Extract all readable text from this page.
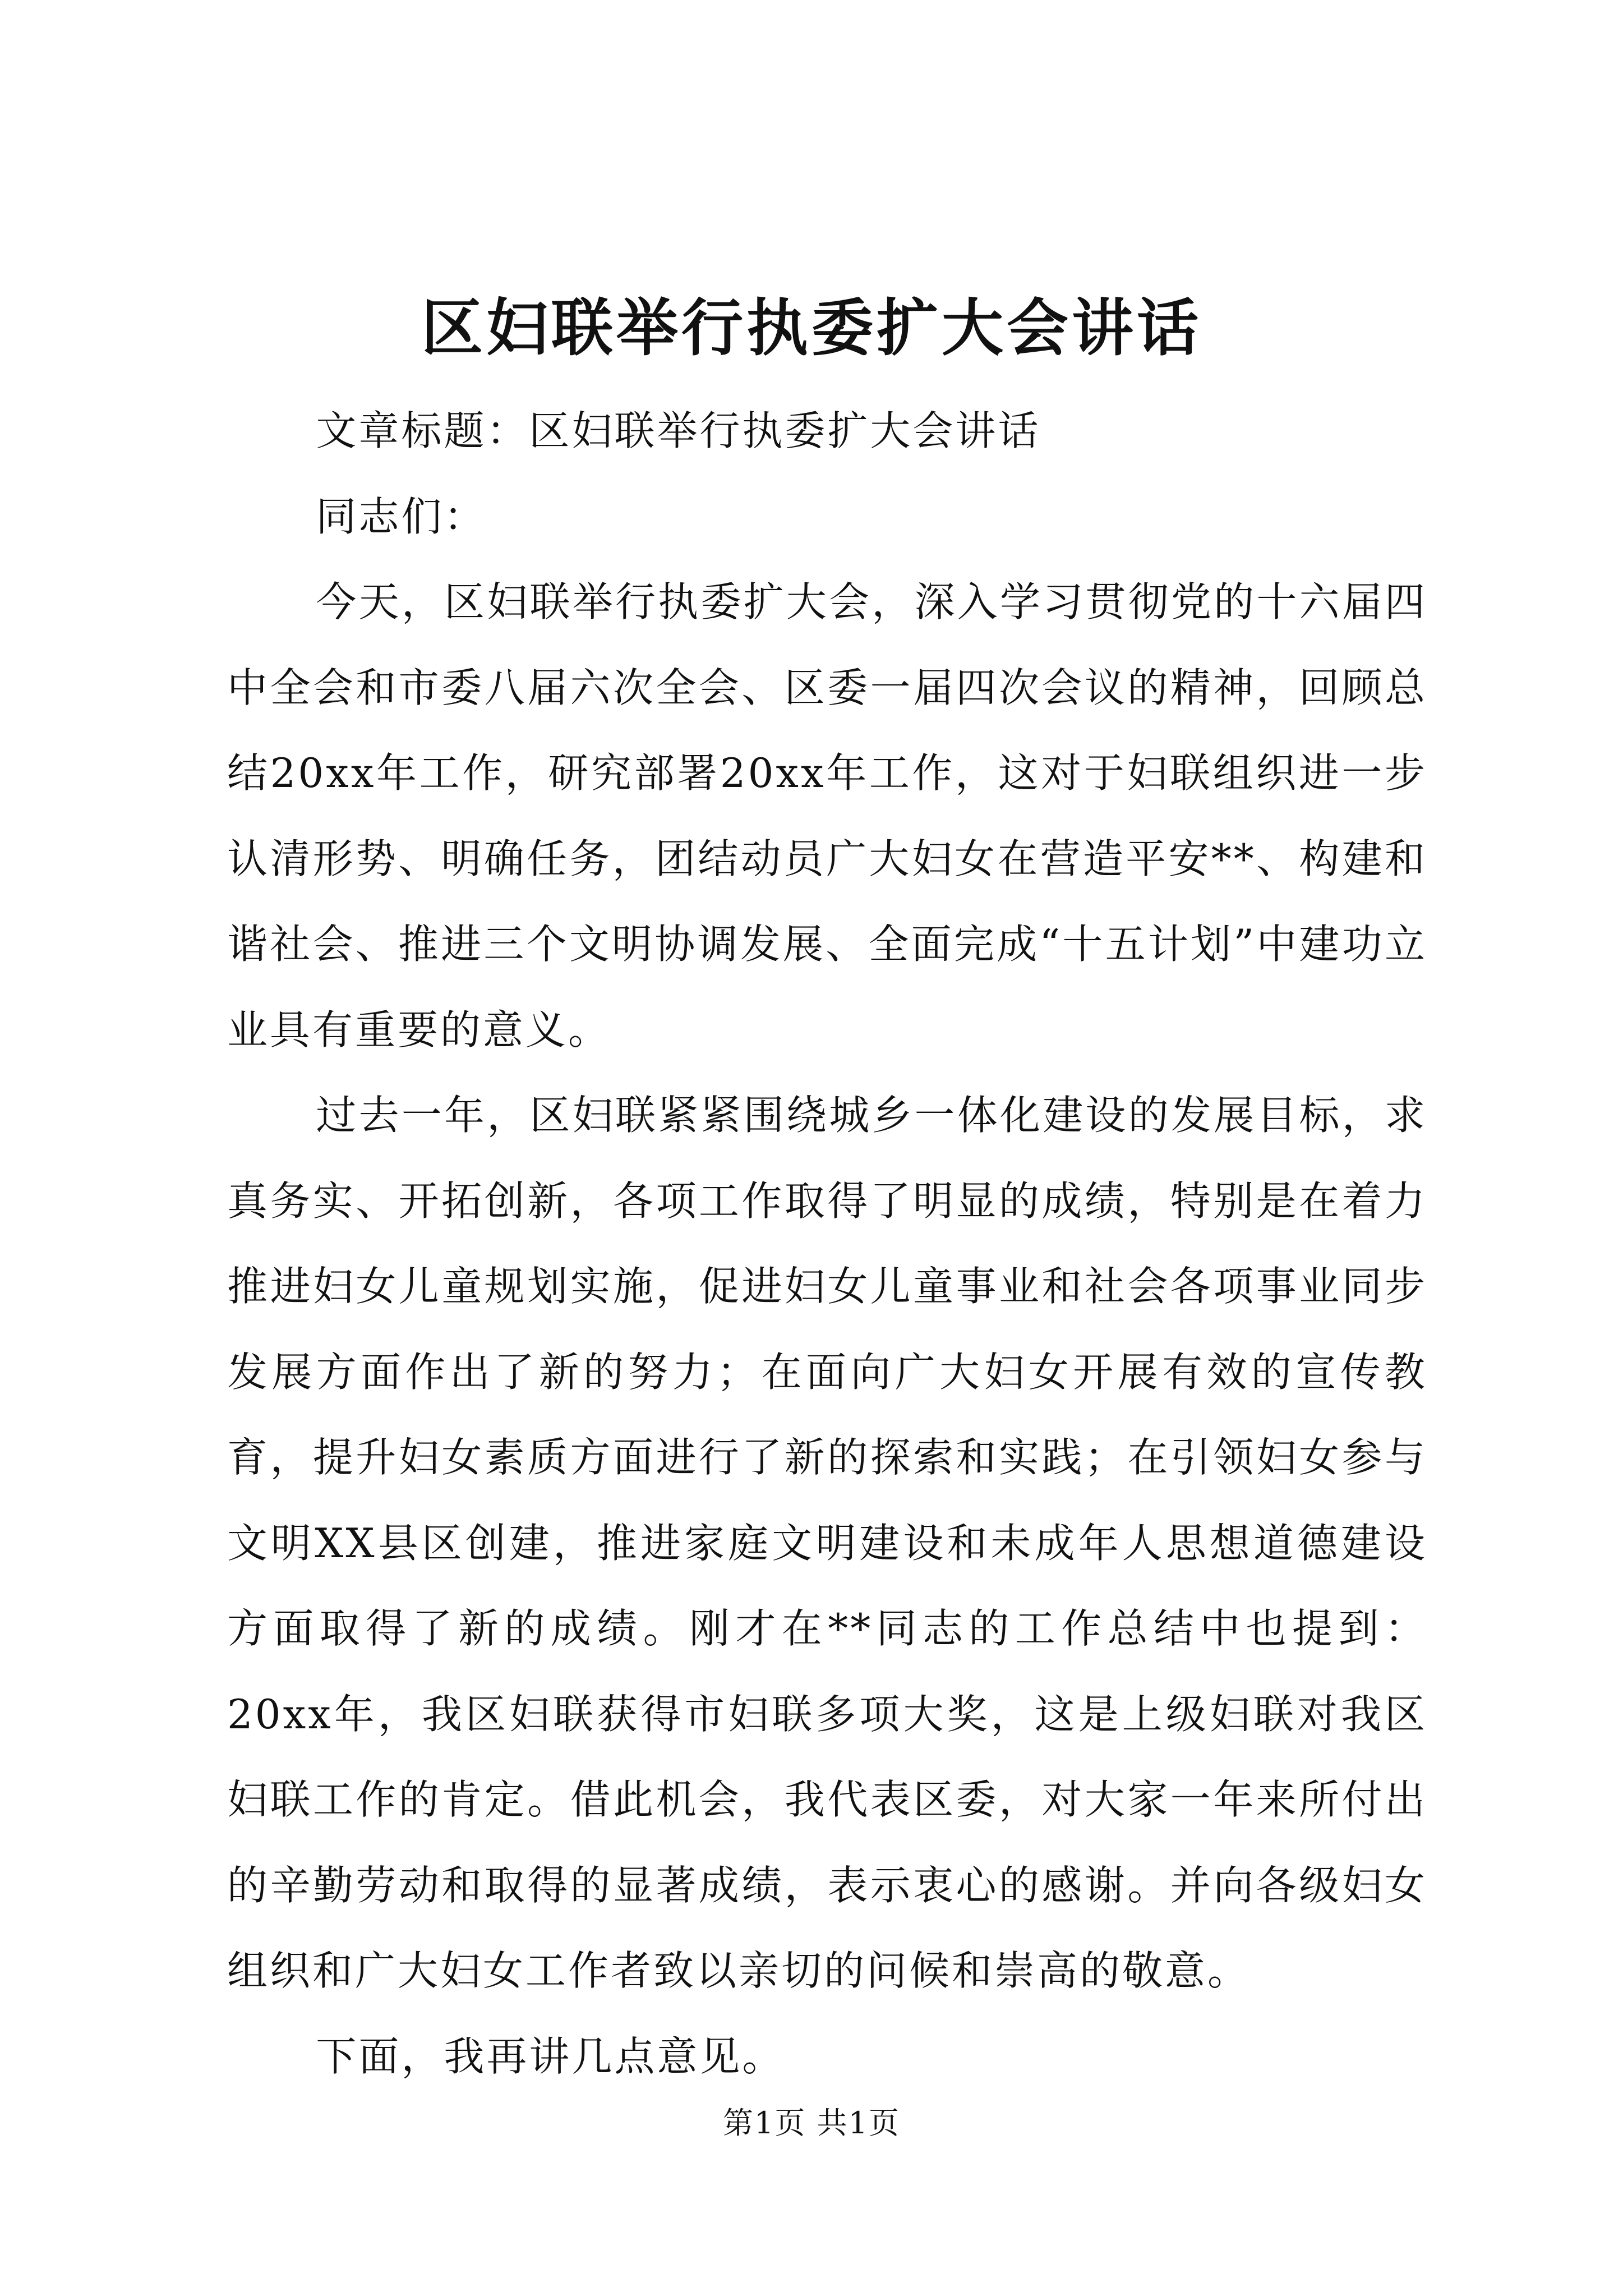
区妇联举行执委扩大会讲话

文章标题：区妇联举行执委扩大会讲话

同志们：

今天，区妇联举行执委扩大会，深入学习贯彻党的十六届四中全会和市委八届六次全会、区委一届四次会议的精神，回顾总结20xx年工作，研究部署20xx年工作，这对于妇联组织进一步认清形势、明确任务，团结动员广大妇女在营造平安**、构建和谐社会、推进三个文明协调发展、全面完成“十五计划”中建功立业具有重要的意义。

过去一年，区妇联紧紧围绕城乡一体化建设的发展目标，求真务实、开拓创新，各项工作取得了明显的成绩，特别是在着力推进妇女儿童规划实施，促进妇女儿童事业和社会各项事业同步发展方面作出了新的努力；在面向广大妇女开展有效的宣传教育，提升妇女素质方面进行了新的探索和实践；在引领妇女参与文明XX县区创建，推进家庭文明建设和未成年人思想道德建设方面取得了新的成绩。刚才在**同志的工作总结中也提到：20xx年，我区妇联获得市妇联多项大奖，这是上级妇联对我区妇联工作的肯定。借此机会，我代表区委，对大家一年来所付出的辛勤劳动和取得的显著成绩，表示衷心的感谢。并向各级妇女组织和广大妇女工作者致以亲切的问候和崇高的敬意。

下面，我再讲几点意见。

第1页 共1页
